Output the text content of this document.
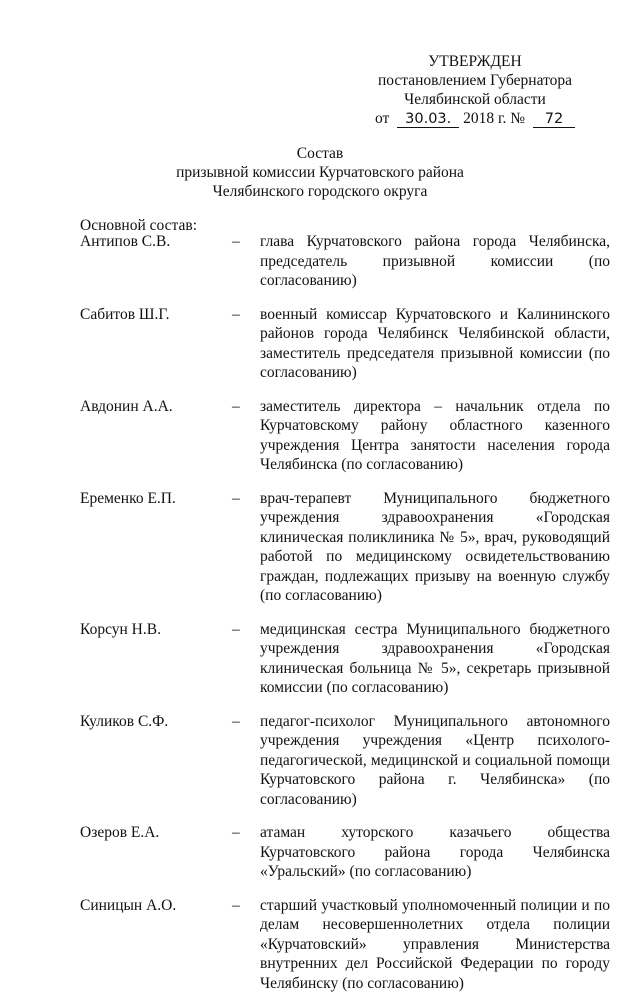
УТВЕРЖДЕН
постановлением Губернатора
Челябинской области
от 30.03. 2018 г. № 72
Состав
призывной комиссии Курчатовского района
Челябинского городского округа
Основной состав:
Антипов С.В.	–	глава Курчатовского района города Челябинска, председатель призывной комиссии (по согласованию)
Сабитов Ш.Г.	–	военный комиссар Курчатовского и Калининского районов города Челябинск Челябинской области, заместитель председателя призывной комиссии (по согласованию)
Авдонин А.А.	–	заместитель директора – начальник отдела по Курчатовскому району областного казенного учреждения Центра занятости населения города Челябинска (по согласованию)
Еременко Е.П.	–	врач-терапевт Муниципального бюджетного учреждения здравоохранения «Городская клиническая поликлиника № 5», врач, руководящий работой по медицинскому освидетельствованию граждан, подлежащих призыву на военную службу (по согласованию)
Корсун Н.В.	–	медицинская сестра Муниципального бюджетного учреждения здравоохранения «Городская клиническая больница № 5», секретарь призывной комиссии (по согласованию)
Куликов С.Ф.	–	педагог-психолог Муниципального автономного учреждения учреждения «Центр психолого-педагогической, медицинской и социальной помощи Курчатовского района г. Челябинска» (по согласованию)
Озеров Е.А.	–	атаман хуторского казачьего общества Курчатовского района города Челябинска «Уральский» (по согласованию)
Синицын А.О.	–	старший участковый уполномоченный полиции и по делам несовершеннолетних отдела полиции «Курчатовский» управления Министерства внутренних дел Российской Федерации по городу Челябинску (по согласованию)
